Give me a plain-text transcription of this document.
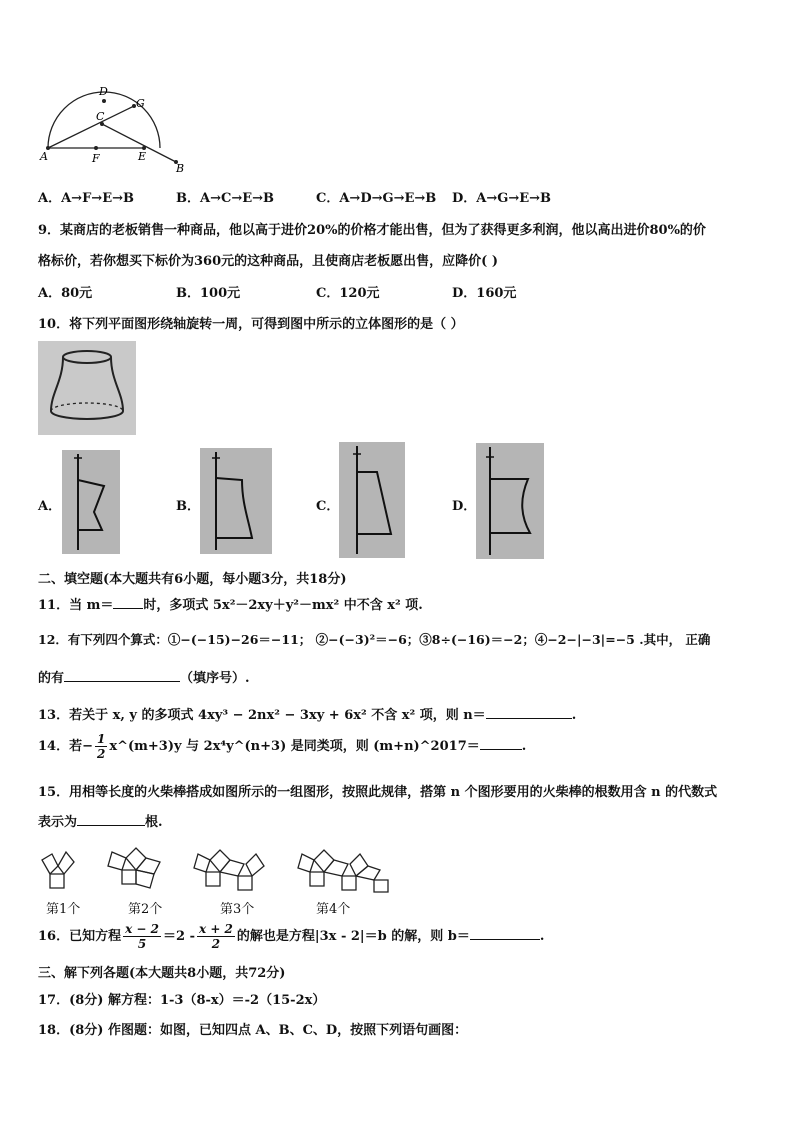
D
G
C
A	F	E
B
A．A→F→E→B	B．A→C→E→B	C．A→D→G→E→B D．A→G→E→B
9．某商店的老板销售一种商品，他以高于进价20%的价格才能出售，但为了获得更多利润，他以高出进价80%的价
格标价，若你想买下标价为360元的这种商品，且使商店老板愿出售，应降价( )
A．80元	B．100元	C．120元	D．160元
10．将下列平面图形绕轴旋转一周，可得到图中所示的立体图形的是（ ）
A．	B．	C．	D．
二、填空题(本大题共有6小题，每小题3分，共18分)
11．当 m＝ 时，多项式 5x²－2xy＋y²－mx² 中不含 x² 项.
12．有下列四个算式：①−(−15)−26＝−11； ②−(−3)²＝−6；③8÷(−16)＝−2；④−2−|−3|=−5 .其中， 正确
的有	（填序号）.
13．若关于 x, y 的多项式 4xy³ − 2nx² − 3xy + 6x² 不含 x² 项，则 n＝	.
14．若− $\frac{1}{2}$ x^(m+3)y 与 2x⁴y^(n+3) 是同类项，则 (m+n)^2017＝	.
15．用相等长度的火柴棒搭成如图所示的一组图形，按照此规律，搭第 n 个图形要用的火柴棒的根数用含 n 的代数式
表示为	根.
第1个	第2个	第3个	第4个
16．已知方程 $\frac{x - 2}{5} =2 - \frac{x + 2}{2}$ 的解也是方程|3x - 2|＝b 的解，则 b＝	.
三、解下列各题(本大题共8小题，共72分)
17．(8分) 解方程：1-3（8-x）＝-2（15-2x）
18．(8分) 作图题：如图，已知四点 A、B、C、D，按照下列语句画图：
